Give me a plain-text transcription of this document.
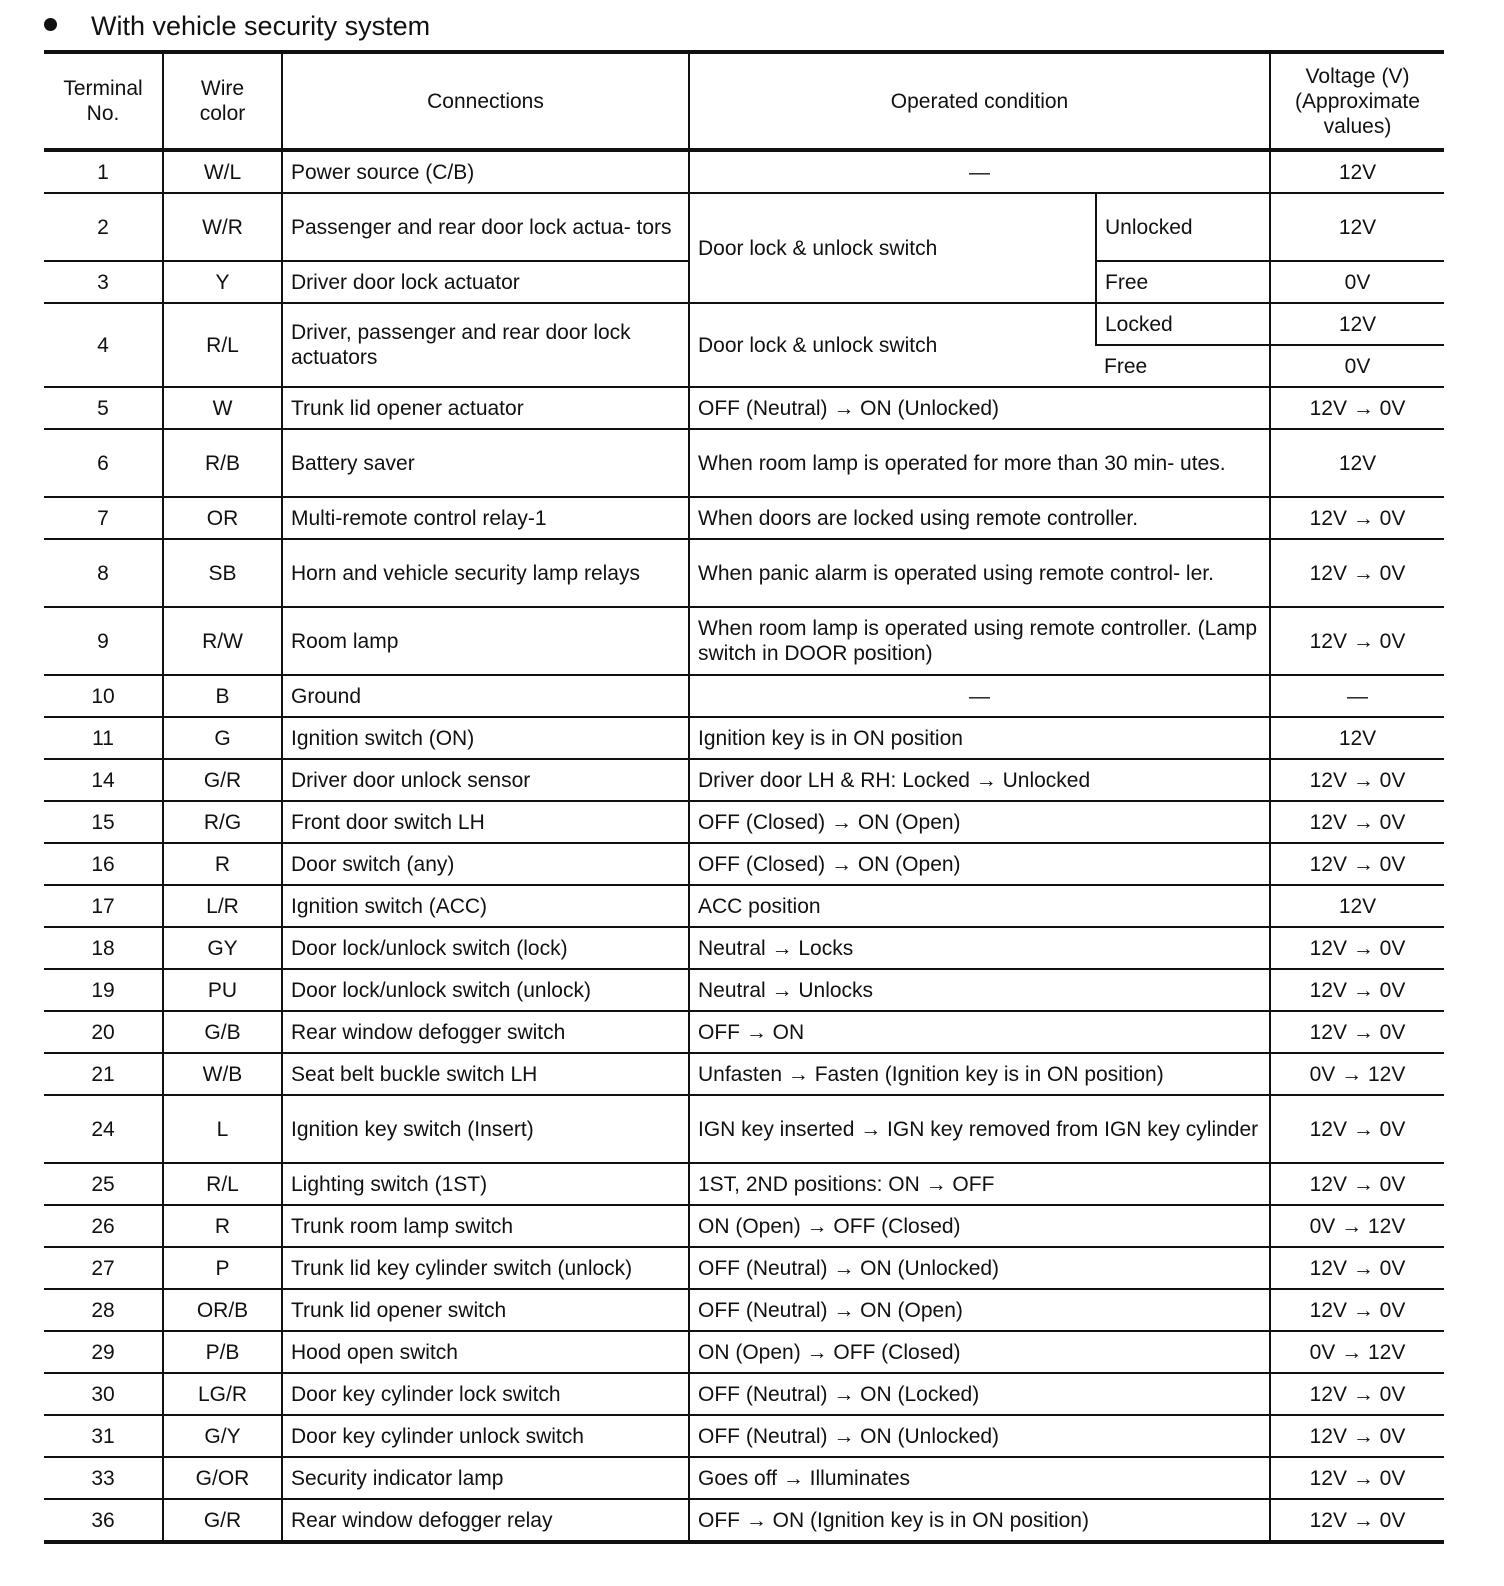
With vehicle security system
Terminal No.	Wire color	Connections	Operated condition		Voltage (V) (Approximate values)
1	W/L	Power source (C/B)	—		12V
2	W/R	Passenger and rear door lock actua- tors	Door lock & unlock switch	Unlocked	12V
3	Y	Driver door lock actuator		Free	0V
4	R/L	Driver, passenger and rear door lock actuators	Door lock & unlock switch	Locked	12V
				Free	0V
5	W	Trunk lid opener actuator	OFF (Neutral) → ON (Unlocked)		12V → 0V
6	R/B	Battery saver	When room lamp is operated for more than 30 min- utes.		12V
7	OR	Multi-remote control relay-1	When doors are locked using remote controller.		12V → 0V
8	SB	Horn and vehicle security lamp relays	When panic alarm is operated using remote control- ler.		12V → 0V
9	R/W	Room lamp	When room lamp is operated using remote controller. (Lamp switch in DOOR position)		12V → 0V
10	B	Ground	—		—
11	G	Ignition switch (ON)	Ignition key is in ON position		12V
14	G/R	Driver door unlock sensor	Driver door LH & RH: Locked → Unlocked		12V → 0V
15	R/G	Front door switch LH	OFF (Closed) → ON (Open)		12V → 0V
16	R	Door switch (any)	OFF (Closed) → ON (Open)		12V → 0V
17	L/R	Ignition switch (ACC)	ACC position		12V
18	GY	Door lock/unlock switch (lock)	Neutral → Locks		12V → 0V
19	PU	Door lock/unlock switch (unlock)	Neutral → Unlocks		12V → 0V
20	G/B	Rear window defogger switch	OFF → ON		12V → 0V
21	W/B	Seat belt buckle switch LH	Unfasten → Fasten (Ignition key is in ON position)		0V → 12V
24	L	Ignition key switch (Insert)	IGN key inserted → IGN key removed from IGN key cylinder		12V → 0V
25	R/L	Lighting switch (1ST)	1ST, 2ND positions: ON → OFF		12V → 0V
26	R	Trunk room lamp switch	ON (Open) → OFF (Closed)		0V → 12V
27	P	Trunk lid key cylinder switch (unlock)	OFF (Neutral) → ON (Unlocked)		12V → 0V
28	OR/B	Trunk lid opener switch	OFF (Neutral) → ON (Open)		12V → 0V
29	P/B	Hood open switch	ON (Open) → OFF (Closed)		0V → 12V
30	LG/R	Door key cylinder lock switch	OFF (Neutral) → ON (Locked)		12V → 0V
31	G/Y	Door key cylinder unlock switch	OFF (Neutral) → ON (Unlocked)		12V → 0V
33	G/OR	Security indicator lamp	Goes off → Illuminates		12V → 0V
36	G/R	Rear window defogger relay	OFF → ON (Ignition key is in ON position)		12V → 0V
